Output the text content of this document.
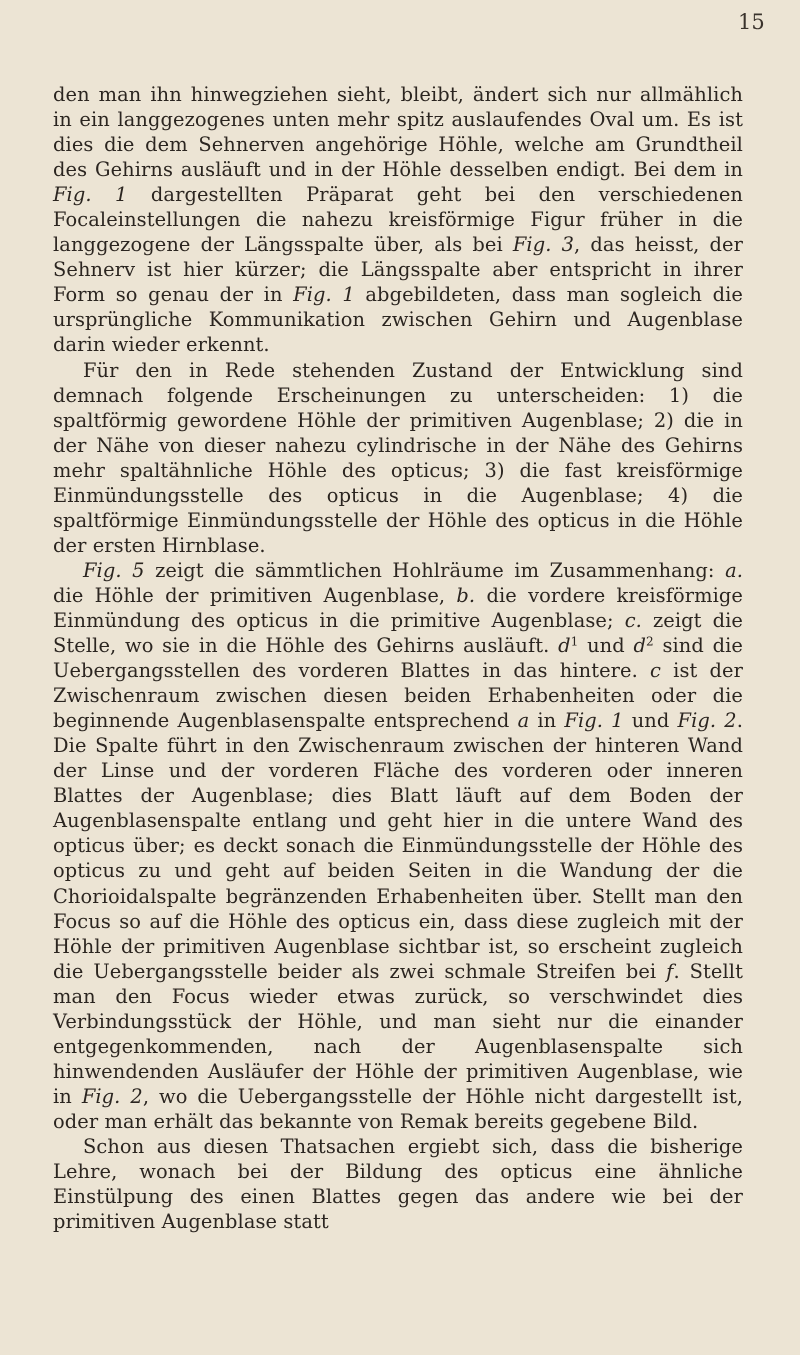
15

den man ihn hinwegziehen sieht, bleibt, ändert sich nur allmählich in ein langgezogenes unten mehr spitz auslaufendes Oval um. Es ist dies die dem Sehnerven angehörige Höhle, welche am Grundtheil des Gehirns ausläuft und in der Höhle desselben endigt. Bei dem in Fig. 1 dargestellten Präparat geht bei den verschiedenen Focaleinstellungen die nahezu kreisförmige Figur früher in die langgezogene der Längsspalte über, als bei Fig. 3, das heisst, der Sehnerv ist hier kürzer; die Längsspalte aber entspricht in ihrer Form so genau der in Fig. 1 abgebildeten, dass man sogleich die ursprüngliche Kommunikation zwischen Gehirn und Augenblase darin wieder erkennt.

Für den in Rede stehenden Zustand der Entwicklung sind demnach folgende Erscheinungen zu unterscheiden: 1) die spaltförmig gewordene Höhle der primitiven Augenblase; 2) die in der Nähe von dieser nahezu cylindrische in der Nähe des Gehirns mehr spaltähnliche Höhle des opticus; 3) die fast kreisförmige Einmündungsstelle des opticus in die Augenblase; 4) die spaltförmige Einmündungsstelle der Höhle des opticus in die Höhle der ersten Hirnblase.

Fig. 5 zeigt die sämmtlichen Hohlräume im Zusammenhang: a. die Höhle der primitiven Augenblase, b. die vordere kreisförmige Einmündung des opticus in die primitive Augenblase; c. zeigt die Stelle, wo sie in die Höhle des Gehirns ausläuft. $d^1$ und $d^2$ sind die Uebergangsstellen des vorderen Blattes in das hintere. c ist der Zwischenraum zwischen diesen beiden Erhabenheiten oder die beginnende Augenblasenspalte entsprechend a in Fig. 1 und Fig. 2. Die Spalte führt in den Zwischenraum zwischen der hinteren Wand der Linse und der vorderen Fläche des vorderen oder inneren Blattes der Augenblase; dies Blatt läuft auf dem Boden der Augenblasenspalte entlang und geht hier in die untere Wand des opticus über; es deckt sonach die Einmündungsstelle der Höhle des opticus zu und geht auf beiden Seiten in die Wandung der die Chorioidalspalte begränzenden Erhabenheiten über. Stellt man den Focus so auf die Höhle des opticus ein, dass diese zugleich mit der Höhle der primitiven Augenblase sichtbar ist, so erscheint zugleich die Uebergangsstelle beider als zwei schmale Streifen bei f. Stellt man den Focus wieder etwas zurück, so verschwindet dies Verbindungsstück der Höhle, und man sieht nur die einander entgegenkommenden, nach der Augenblasenspalte sich hinwendenden Ausläufer der Höhle der primitiven Augenblase, wie in Fig. 2, wo die Uebergangsstelle der Höhle nicht dargestellt ist, oder man erhält das bekannte von Remak bereits gegebene Bild.

Schon aus diesen Thatsachen ergiebt sich, dass die bisherige Lehre, wonach bei der Bildung des opticus eine ähnliche Einstülpung des einen Blattes gegen das andere wie bei der primitiven Augenblase statt
